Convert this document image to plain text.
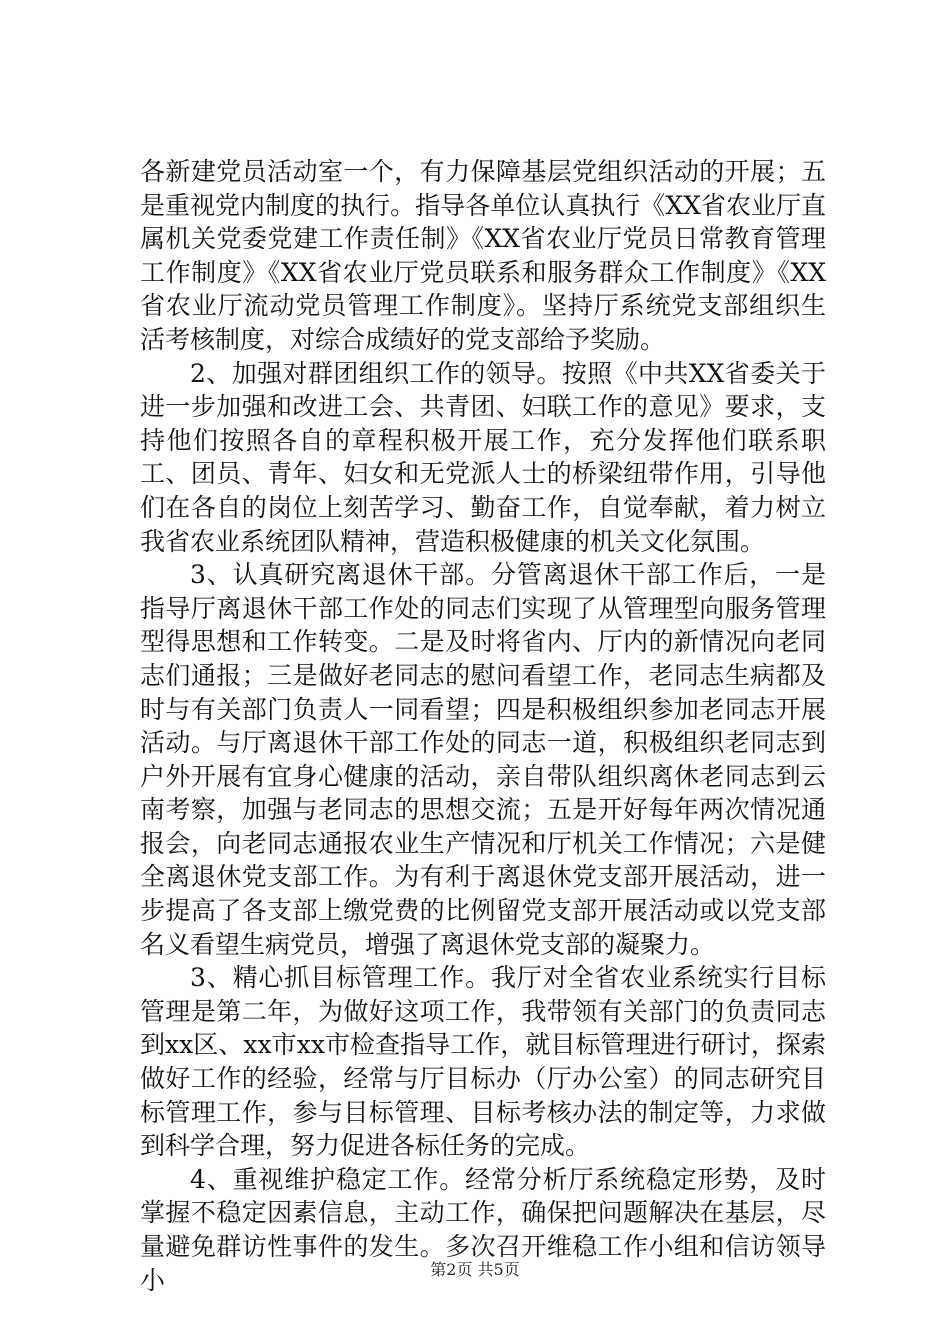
各新建党员活动室一个，有力保障基层党组织活动的开展；五是重视党内制度的执行。指导各单位认真执行《XX省农业厅直属机关党委党建工作责任制》《XX省农业厅党员日常教育管理工作制度》《XX省农业厅党员联系和服务群众工作制度》《XX省农业厅流动党员管理工作制度》。坚持厅系统党支部组织生活考核制度，对综合成绩好的党支部给予奖励。

2、加强对群团组织工作的领导。按照《中共XX省委关于进一步加强和改进工会、共青团、妇联工作的意见》要求，支持他们按照各自的章程积极开展工作，充分发挥他们联系职工、团员、青年、妇女和无党派人士的桥梁纽带作用，引导他们在各自的岗位上刻苦学习、勤奋工作，自觉奉献，着力树立我省农业系统团队精神，营造积极健康的机关文化氛围。

3、认真研究离退休干部。分管离退休干部工作后，一是指导厅离退休干部工作处的同志们实现了从管理型向服务管理型得思想和工作转变。二是及时将省内、厅内的新情况向老同志们通报；三是做好老同志的慰问看望工作，老同志生病都及时与有关部门负责人一同看望；四是积极组织参加老同志开展活动。与厅离退休干部工作处的同志一道，积极组织老同志到户外开展有宜身心健康的活动，亲自带队组织离休老同志到云南考察，加强与老同志的思想交流；五是开好每年两次情况通报会，向老同志通报农业生产情况和厅机关工作情况；六是健全离退休党支部工作。为有利于离退休党支部开展活动，进一步提高了各支部上缴党费的比例留党支部开展活动或以党支部名义看望生病党员，增强了离退休党支部的凝聚力。

3、精心抓目标管理工作。我厅对全省农业系统实行目标管理是第二年，为做好这项工作，我带领有关部门的负责同志到xx区、xx市xx市检查指导工作，就目标管理进行研讨，探索做好工作的经验，经常与厅目标办（厅办公室）的同志研究目标管理工作，参与目标管理、目标考核办法的制定等，力求做到科学合理，努力促进各标任务的完成。

4、重视维护稳定工作。经常分析厅系统稳定形势，及时掌握不稳定因素信息，主动工作，确保把问题解决在基层，尽量避免群访性事件的发生。多次召开维稳工作小组和信访领导小	第2页 共5页
